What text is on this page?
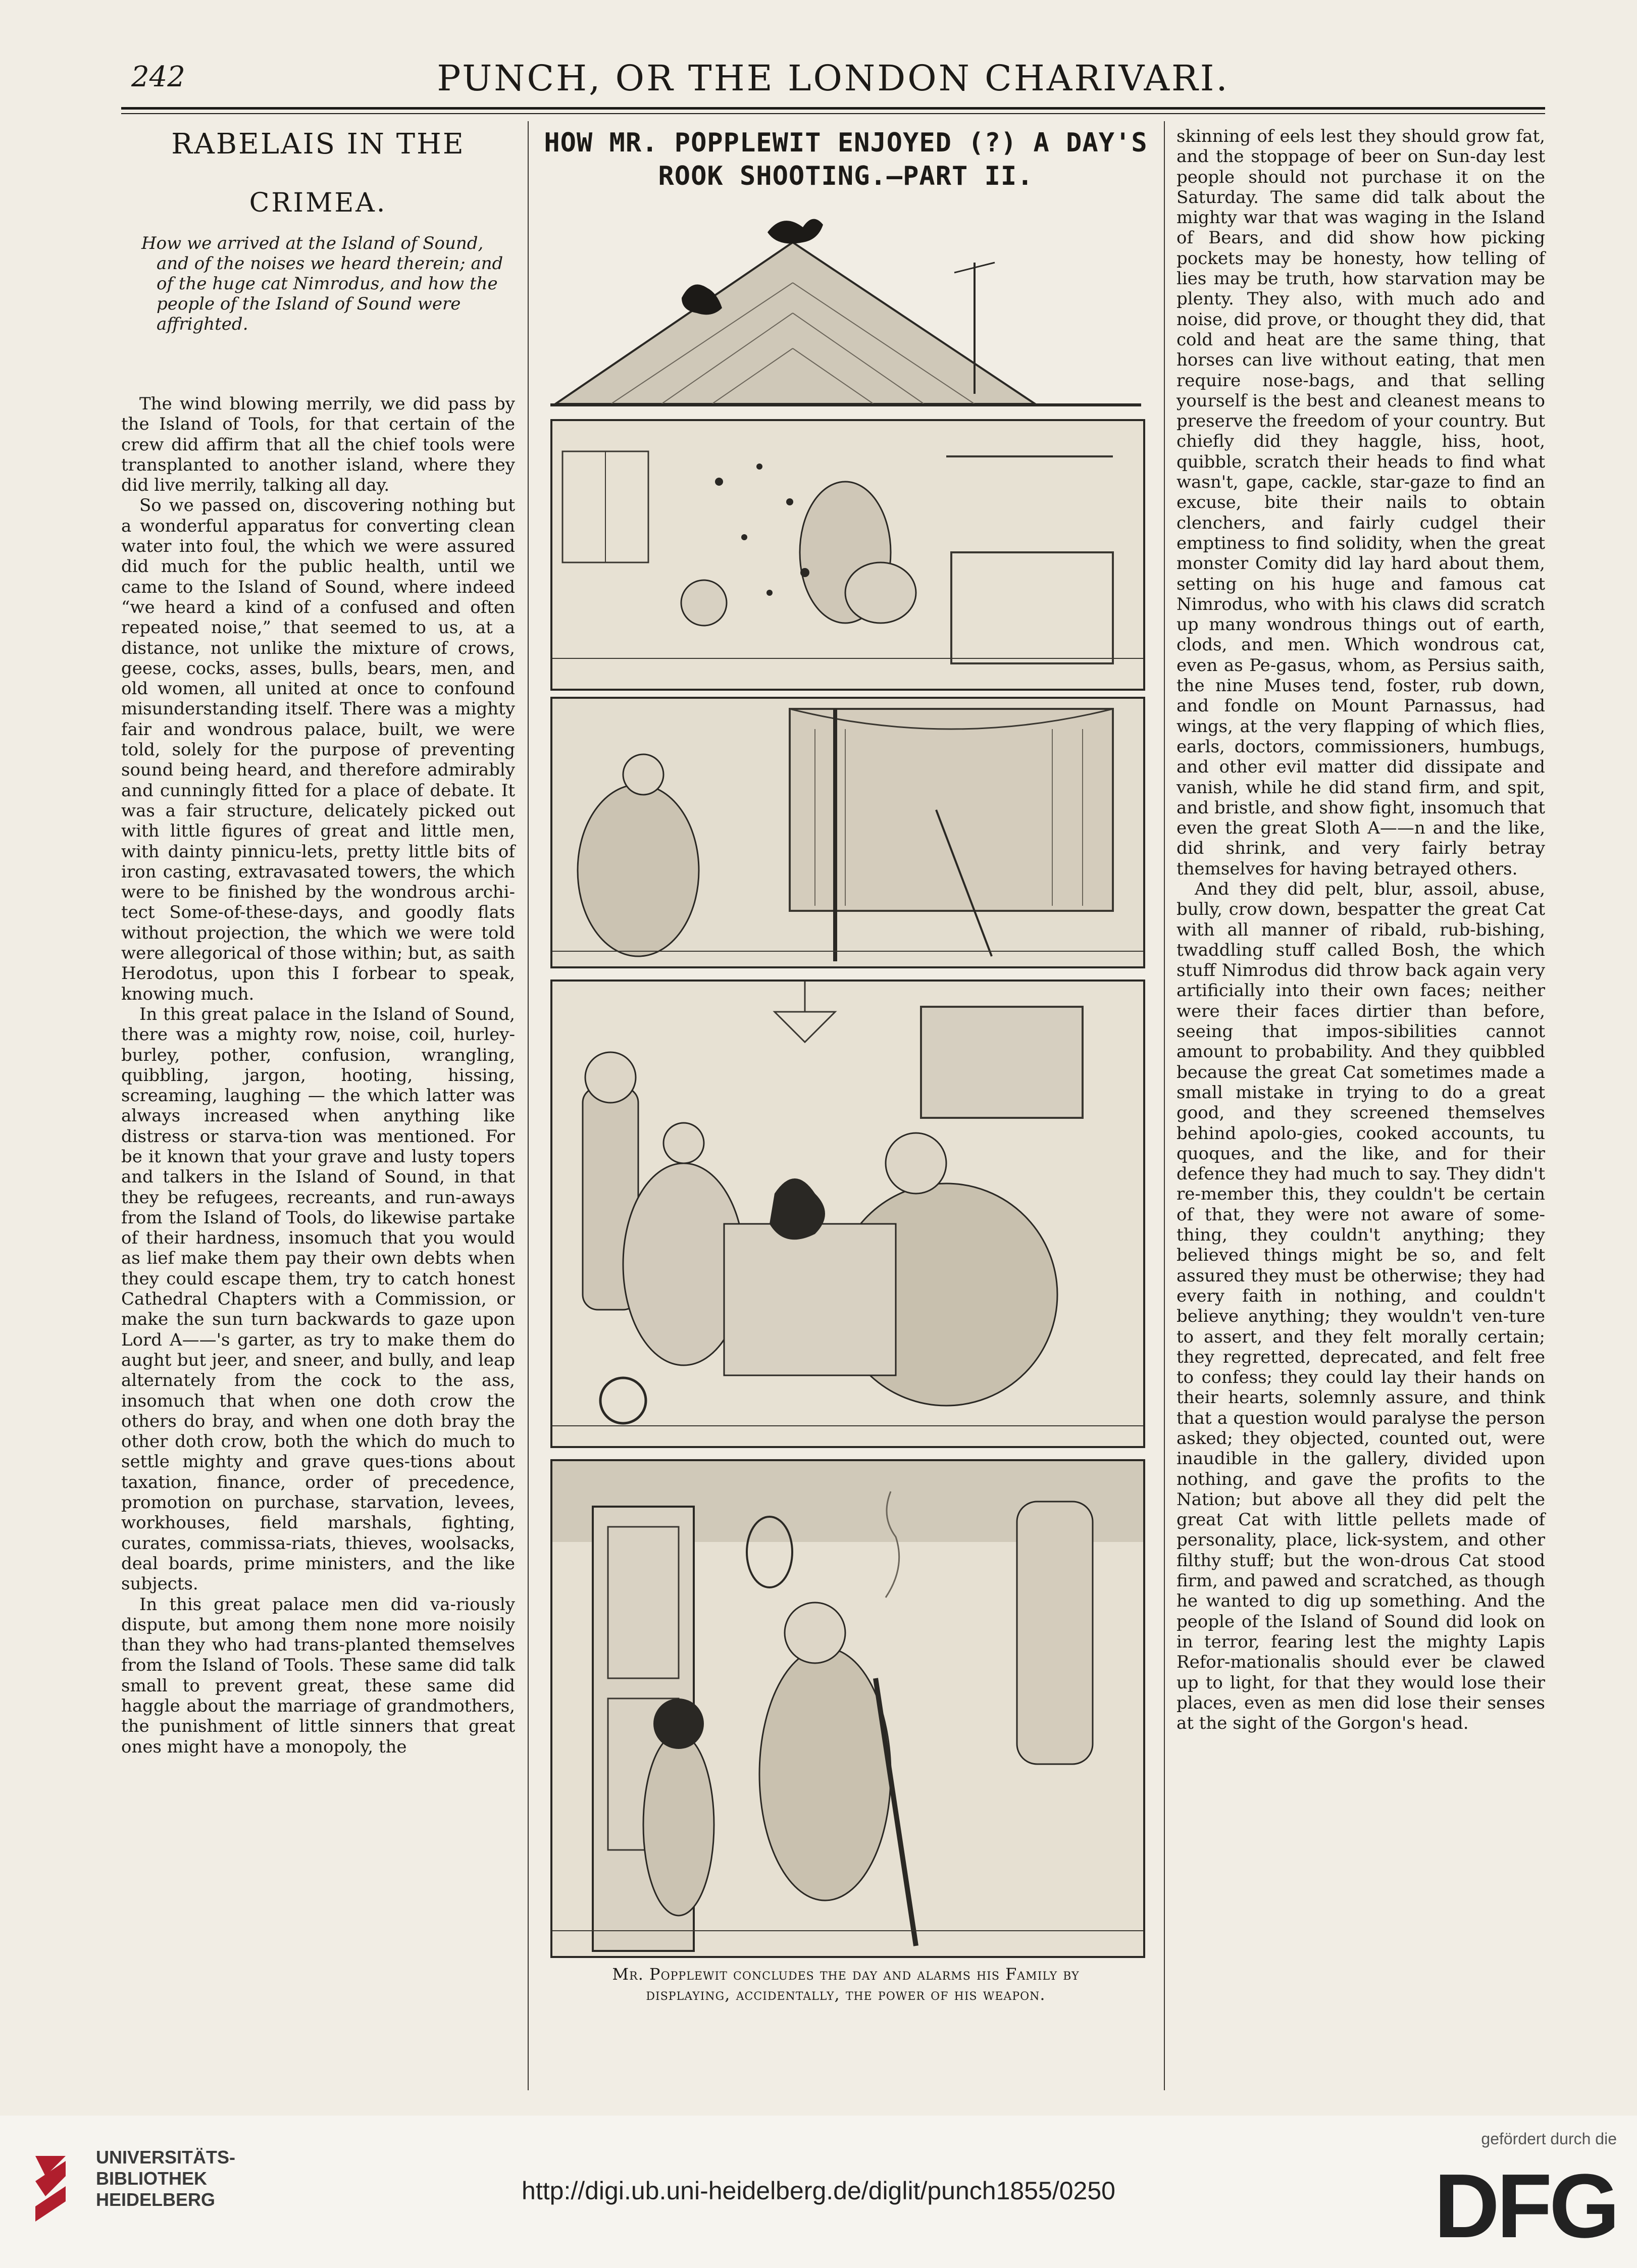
242	PUNCH, OR THE LONDON CHARIVARI.
RABELAIS IN THE
CRIMEA.
How we arrived at the Island of Sound, and of the noises we heard therein; and of the huge cat Nimrodus, and how the people of the Island of Sound were affrighted.

The wind blowing merrily, we did pass by the Island of Tools, for that certain of the crew did affirm that all the chief tools were transplanted to another island, where they did live merrily, talking all day.

So we passed on, discovering nothing but a wonderful apparatus for converting clean water into foul, the which we were assured did much for the public health, until we came to the Island of Sound, where indeed “we heard a kind of a confused and often repeated noise,” that seemed to us, at a distance, not unlike the mixture of crows, geese, cocks, asses, bulls, bears, men, and old women, all united at once to confound misunderstanding itself. There was a mighty fair and wondrous palace, built, we were told, solely for the purpose of preventing sound being heard, and therefore admirably and cunningly fitted for a place of debate. It was a fair structure, delicately picked out with little figures of great and little men, with dainty pinnicu-lets, pretty little bits of iron casting, extravasated towers, the which were to be finished by the wondrous archi-tect Some-of-these-days, and goodly flats without projection, the which we were told were allegorical of those within; but, as saith Herodotus, upon this I forbear to speak, knowing much.

In this great palace in the Island of Sound, there was a mighty row, noise, coil, hurley-burley, pother, confusion, wrangling, quibbling, jargon, hooting, hissing, screaming, laughing — the which latter was always increased when anything like distress or starva-tion was mentioned. For be it known that your grave and lusty topers and talkers in the Island of Sound, in that they be refugees, recreants, and run-aways from the Island of Tools, do likewise partake of their hardness, insomuch that you would as lief make them pay their own debts when they could escape them, try to catch honest Cathedral Chapters with a Commission, or make the sun turn backwards to gaze upon Lord A——'s garter, as try to make them do aught but jeer, and sneer, and bully, and leap alternately from the cock to the ass, insomuch that when one doth crow the others do bray, and when one doth bray the other doth crow, both the which do much to settle mighty and grave ques-tions about taxation, finance, order of precedence, promotion on purchase, starvation, levees, workhouses, field marshals, fighting, curates, commissa-riats, thieves, woolsacks, deal boards, prime ministers, and the like subjects.

In this great palace men did va-riously dispute, but among them none more noisily than they who had trans-planted themselves from the Island of Tools. These same did talk small to prevent great, these same did haggle about the marriage of grandmothers, the punishment of little sinners that great ones might have a monopoly, the

HOW MR. POPPLEWIT ENJOYED (?) A DAY'S
ROOK SHOOTING.—PART II.
Mr. Popplewit concludes the day and alarms his Family by
displaying, accidentally, the power of his weapon.

skinning of eels lest they should grow fat, and the stoppage of beer on Sun-day lest people should not purchase it on the Saturday. The same did talk about the mighty war that was waging in the Island of Bears, and did show how picking pockets may be honesty, how telling of lies may be truth, how starvation may be plenty. They also, with much ado and noise, did prove, or thought they did, that cold and heat are the same thing, that horses can live without eating, that men require nose-bags, and that selling yourself is the best and cleanest means to preserve the freedom of your country. But chiefly did they haggle, hiss, hoot, quibble, scratch their heads to find what wasn't, gape, cackle, star-gaze to find an excuse, bite their nails to obtain clenchers, and fairly cudgel their emptiness to find solidity, when the great monster Comity did lay hard about them, setting on his huge and famous cat Nimrodus, who with his claws did scratch up many wondrous things out of earth, clods, and men. Which wondrous cat, even as Pe-gasus, whom, as Persius saith, the nine Muses tend, foster, rub down, and fondle on Mount Parnassus, had wings, at the very flapping of which flies, earls, doctors, commissioners, humbugs, and other evil matter did dissipate and vanish, while he did stand firm, and spit, and bristle, and show fight, insomuch that even the great Sloth A——n and the like, did shrink, and very fairly betray themselves for having betrayed others.

And they did pelt, blur, assoil, abuse, bully, crow down, bespatter the great Cat with all manner of ribald, rub-bishing, twaddling stuff called Bosh, the which stuff Nimrodus did throw back again very artificially into their own faces; neither were their faces dirtier than before, seeing that impos-sibilities cannot amount to probability. And they quibbled because the great Cat sometimes made a small mistake in trying to do a great good, and they screened themselves behind apolo-gies, cooked accounts, tu quoques, and the like, and for their defence they had much to say. They didn't re-member this, they couldn't be certain of that, they were not aware of some-thing, they couldn't anything; they believed things might be so, and felt assured they must be otherwise; they had every faith in nothing, and couldn't believe anything; they wouldn't ven-ture to assert, and they felt morally certain; they regretted, deprecated, and felt free to confess; they could lay their hands on their hearts, solemnly assure, and think that a question would paralyse the person asked; they objected, counted out, were inaudible in the gallery, divided upon nothing, and gave the profits to the Nation; but above all they did pelt the great Cat with little pellets made of personality, place, lick-system, and other filthy stuff; but the won-drous Cat stood firm, and pawed and scratched, as though he wanted to dig up something. And the people of the Island of Sound did look on in terror, fearing lest the mighty Lapis Refor-mationalis should ever be clawed up to light, for that they would lose their places, even as men did lose their senses at the sight of the Gorgon's head.

UNIVERSITÄTS-
BIBLIOTHEK
HEIDELBERG	http://digi.ub.uni-heidelberg.de/diglit/punch1855/0250
gefördert durch die
DFG
